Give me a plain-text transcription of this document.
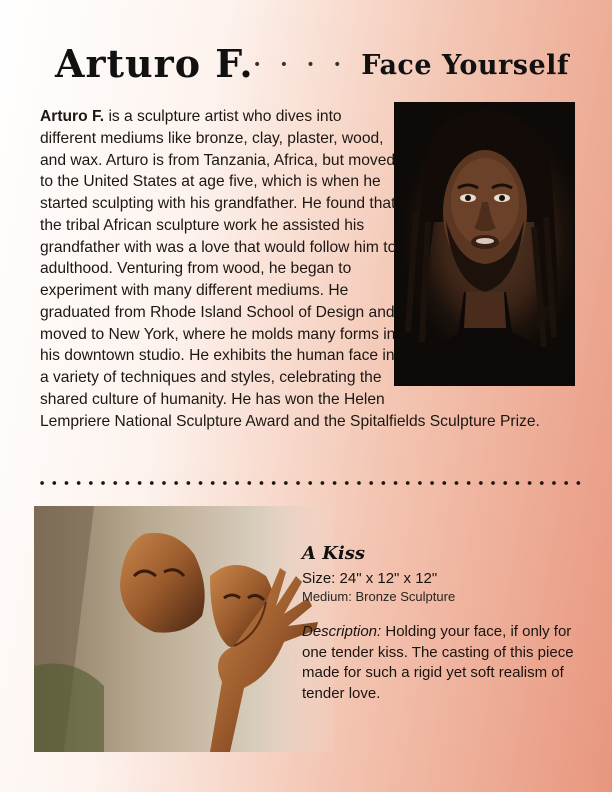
Arturo F. • • • • Face Yourself

Arturo F. is a sculpture artist who dives into different mediums like bronze, clay, plaster, wood, and wax. Arturo is from Tanzania, Africa, but moved to the United States at age five, which is when he started sculpting with his grandfather. He found that the tribal African sculpture work he assisted his grandfather with was a love that would follow him to adulthood. Venturing from wood, he began to experiment with many different mediums. He graduated from Rhode Island School of Design and moved to New York, where he molds many forms in his downtown studio. He exhibits the human face in a variety of techniques and styles, celebrating the shared culture of humanity. He has won the Helen Lempriere National Sculpture Award and the Spitalfields Sculpture Prize.

A Kiss
Size: 24" x 12" x 12"
Medium: Bronze Sculpture
Description: Holding your face, if only for one tender kiss. The casting of this piece made for such a rigid yet soft realism of tender love.
